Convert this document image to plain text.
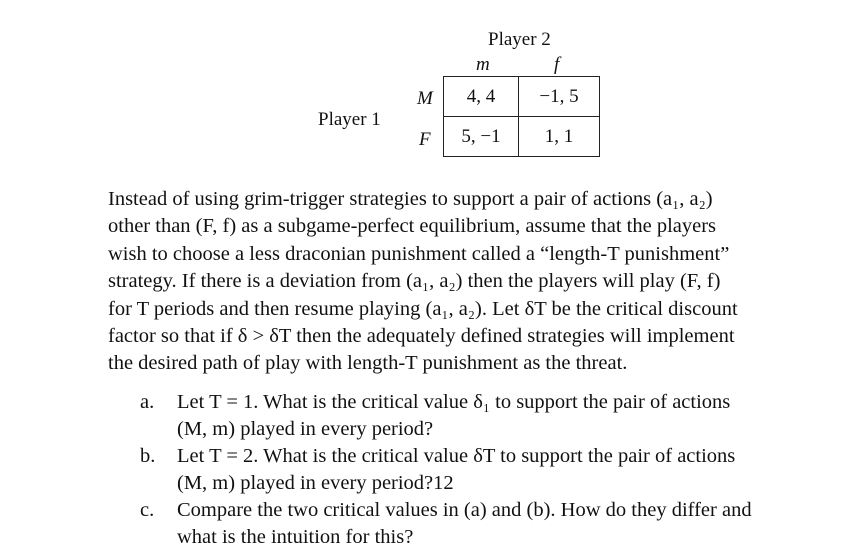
Player 2
m	f
Player 1
M
F
4, 4	−1, 5
5, −1	1, 1
Instead of using grim-trigger strategies to support a pair of actions (a₁, a₂)
other than (F, f) as a subgame-perfect equilibrium, assume that the players
wish to choose a less draconian punishment called a “length-T punishment”
strategy. If there is a deviation from (a₁, a₂) then the players will play (F, f)
for T periods and then resume playing (a₁, a₂). Let δT be the critical discount
factor so that if δ > δT then the adequately defined strategies will implement
the desired path of play with length-T punishment as the threat.
a. Let T = 1. What is the critical value δ₁ to support the pair of actions
(M, m) played in every period?
b. Let T = 2. What is the critical value δT to support the pair of actions
(M, m) played in every period?12
c. Compare the two critical values in (a) and (b). How do they differ and
what is the intuition for this?
